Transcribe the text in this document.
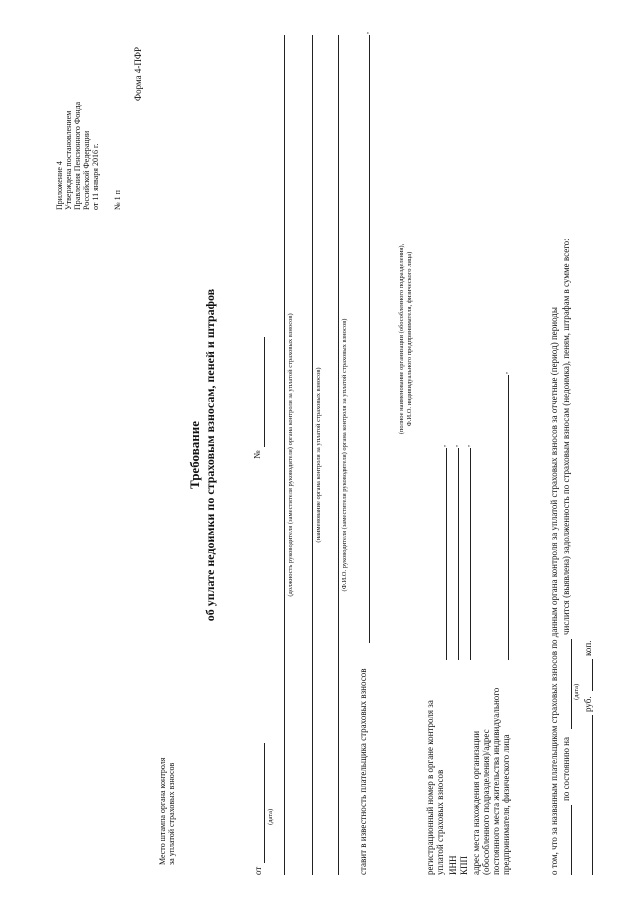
Приложение 4 Утверждена постановлением Правления Пенсионного Фонда Российской Федерации от 11 января 2016 г. № 1 п
Форма 4-ПФР
Место штампа органа контроля за уплатой страховых взносов
Требование об уплате недоимки по страховым взносам, пеней и штрафов
от
(дата)
№	(должность руководителя (заместителя руководителя) органа контроля за уплатой страховых взносов)	(наименование органа контроля за уплатой страховых взносов)	(Ф.И.О. руководителя (заместителя руководителя) органа контроля за уплатой страховых взносов)
ставит в известность плательщика страховых взносов
,
(полное наименование организации (обособленного подразделения), Ф.И.О. индивидуального предпринимателя, физического лица)
регистрационный номер в органе контроля за уплатой страховых взносов
,
ИНН
,
КПП
,
адрес места нахождения организации (обособленного подразделения)/адрес постоянного места жительства индивидуального предпринимателя, физического лица
,	о том, что за названным плательщиком страховых взносов по данным органа контроля за уплатой страховых взносов за отчетные (период) периоды по состоянию на
(дата)
числится (выявлена) задолженность по страховым взносам (недоимка), пеням, штрафам в сумме всего:
руб.
коп.
